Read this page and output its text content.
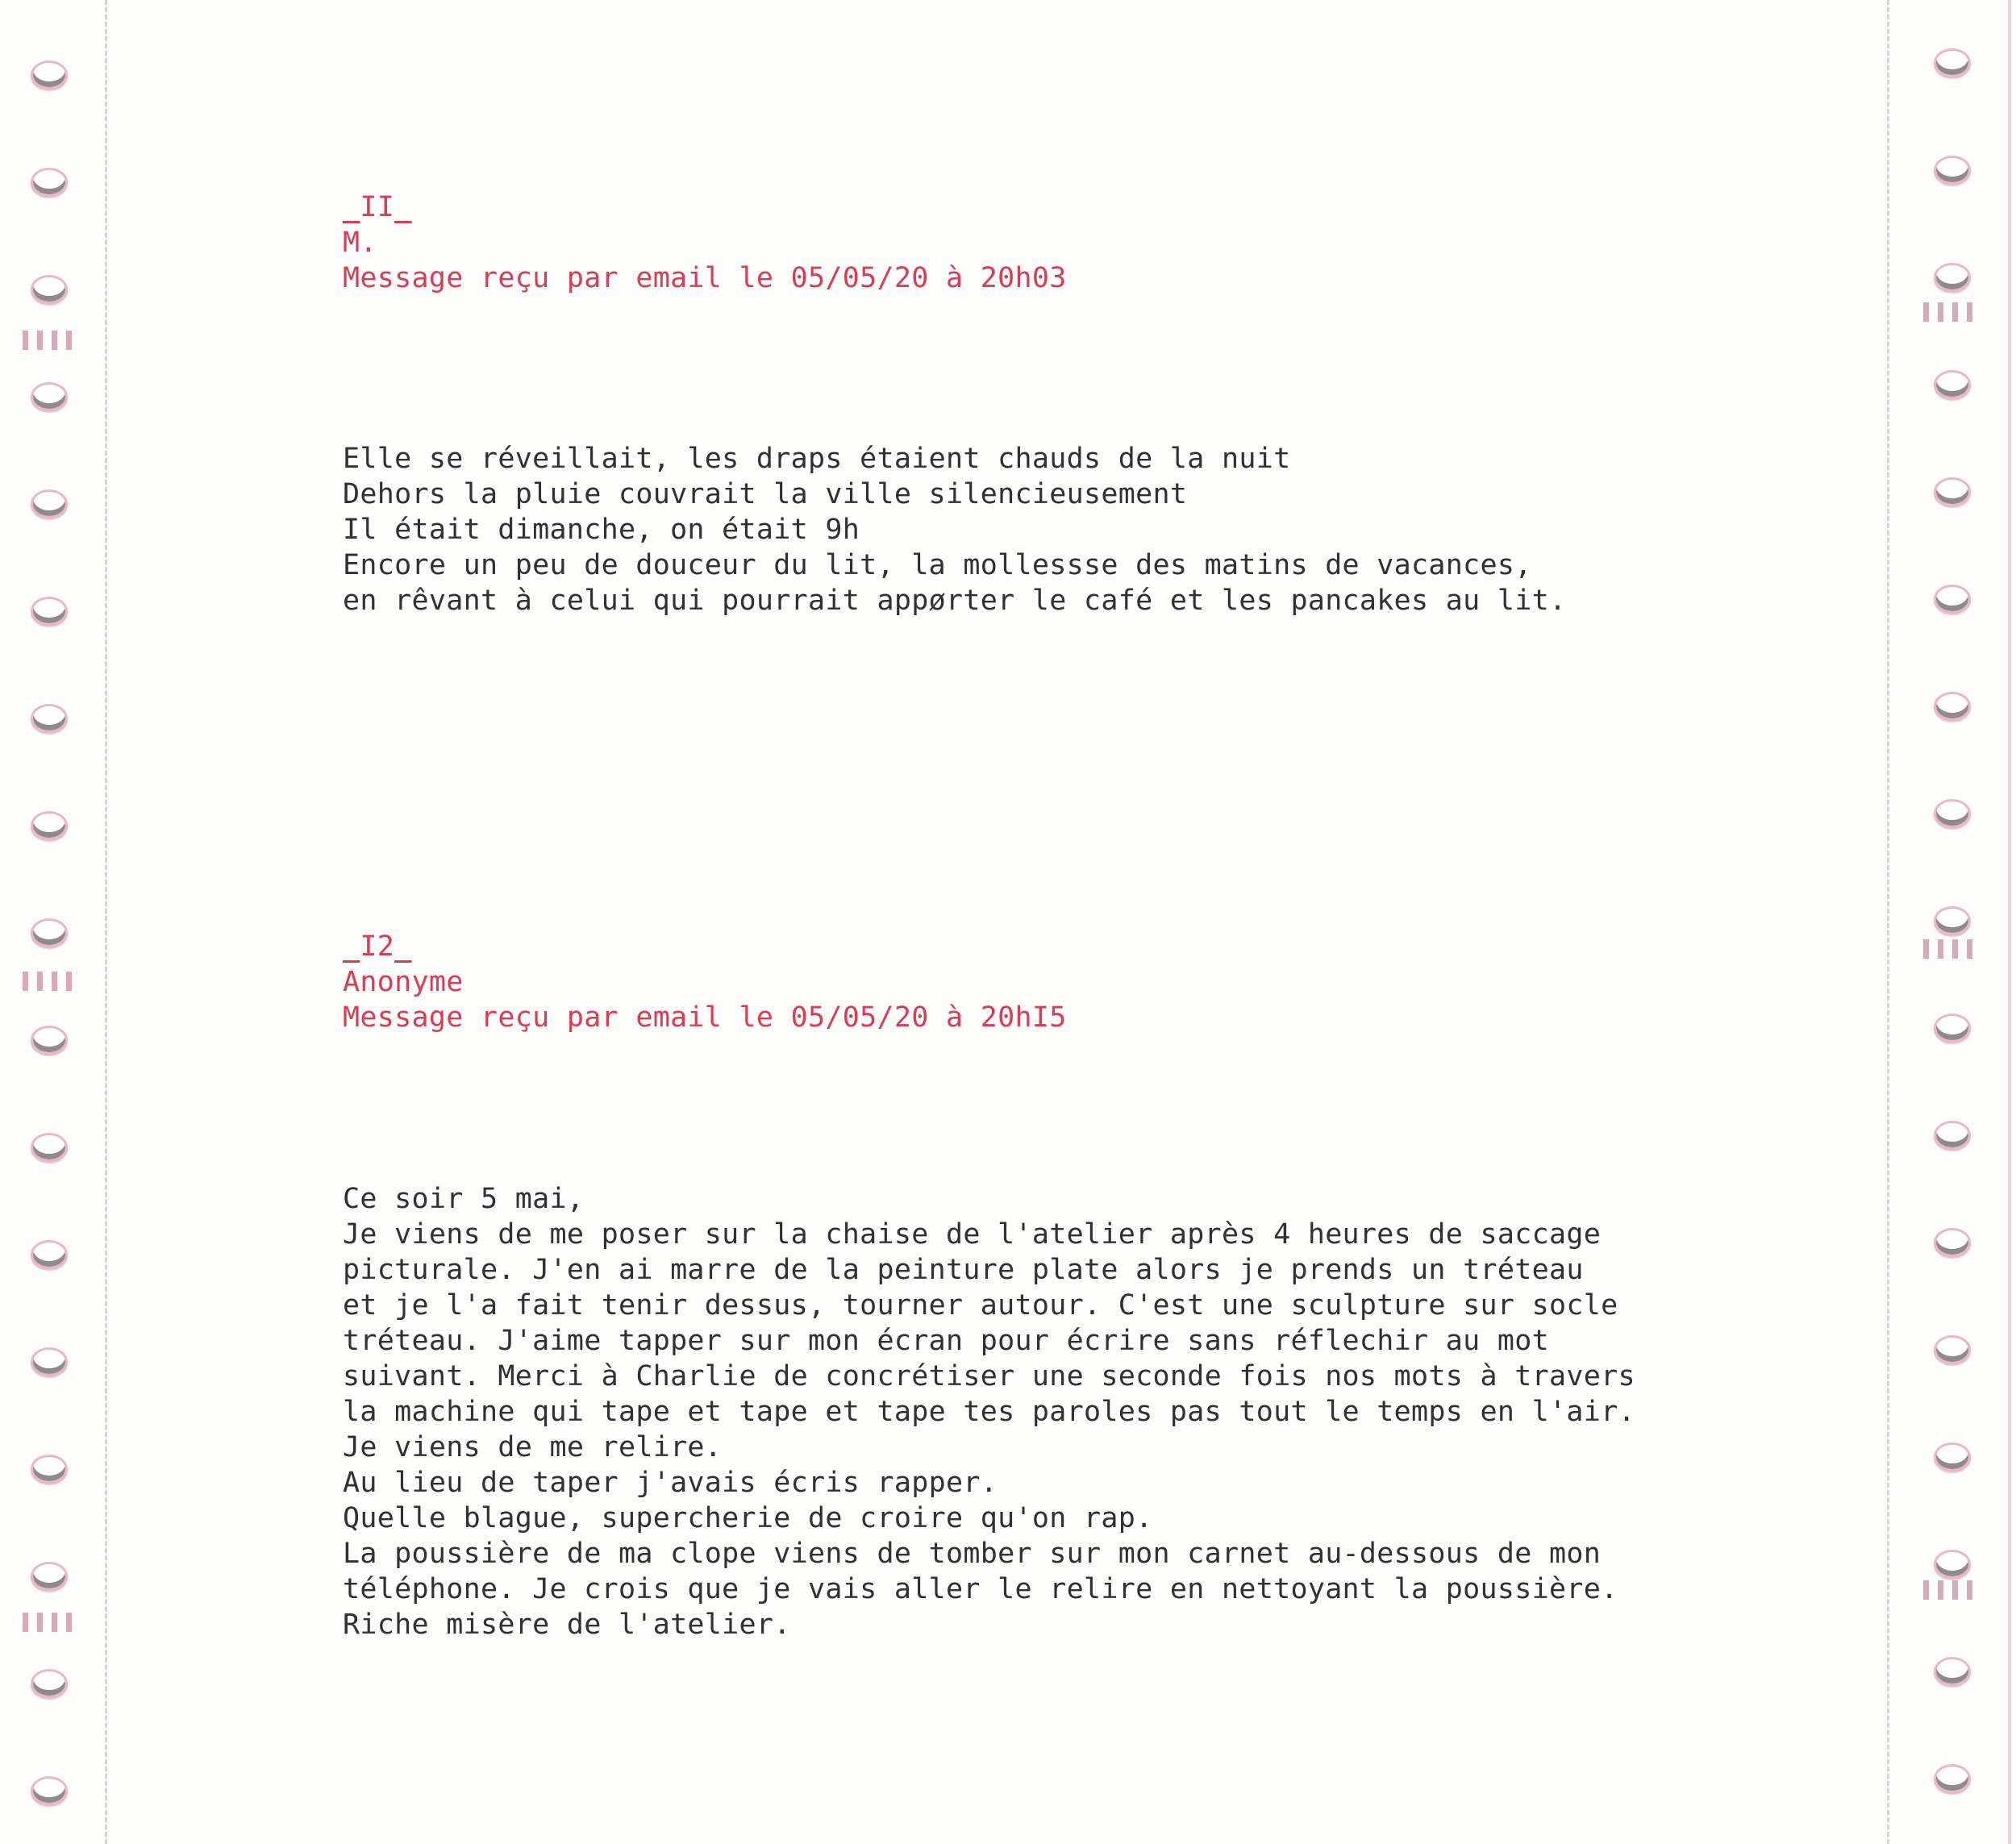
_II_
M.
Message reçu par email le 05/05/20 à 20h03
Elle se réveillait, les draps étaient chauds de la nuit
Dehors la pluie couvrait la ville silencieusement
Il était dimanche, on était 9h
Encore un peu de douceur du lit, la mollessse des matins de vacances,
en rêvant à celui qui pourrait appørter le café et les pancakes au lit.
_I2_
Anonyme
Message reçu par email le 05/05/20 à 20hI5
Ce soir 5 mai,
Je viens de me poser sur la chaise de l'atelier après 4 heures de saccage
picturale. J'en ai marre de la peinture plate alors je prends un tréteau
et je l'a fait tenir dessus, tourner autour. C'est une sculpture sur socle
tréteau. J'aime tapper sur mon écran pour écrire sans réflechir au mot
suivant. Merci à Charlie de concrétiser une seconde fois nos mots à travers
la machine qui tape et tape et tape tes paroles pas tout le temps en l'air.
Je viens de me relire.
Au lieu de taper j'avais écris rapper.
Quelle blague, supercherie de croire qu'on rap.
La poussière de ma clope viens de tomber sur mon carnet au-dessous de mon
téléphone. Je crois que je vais aller le relire en nettoyant la poussière.
Riche misère de l'atelier.
